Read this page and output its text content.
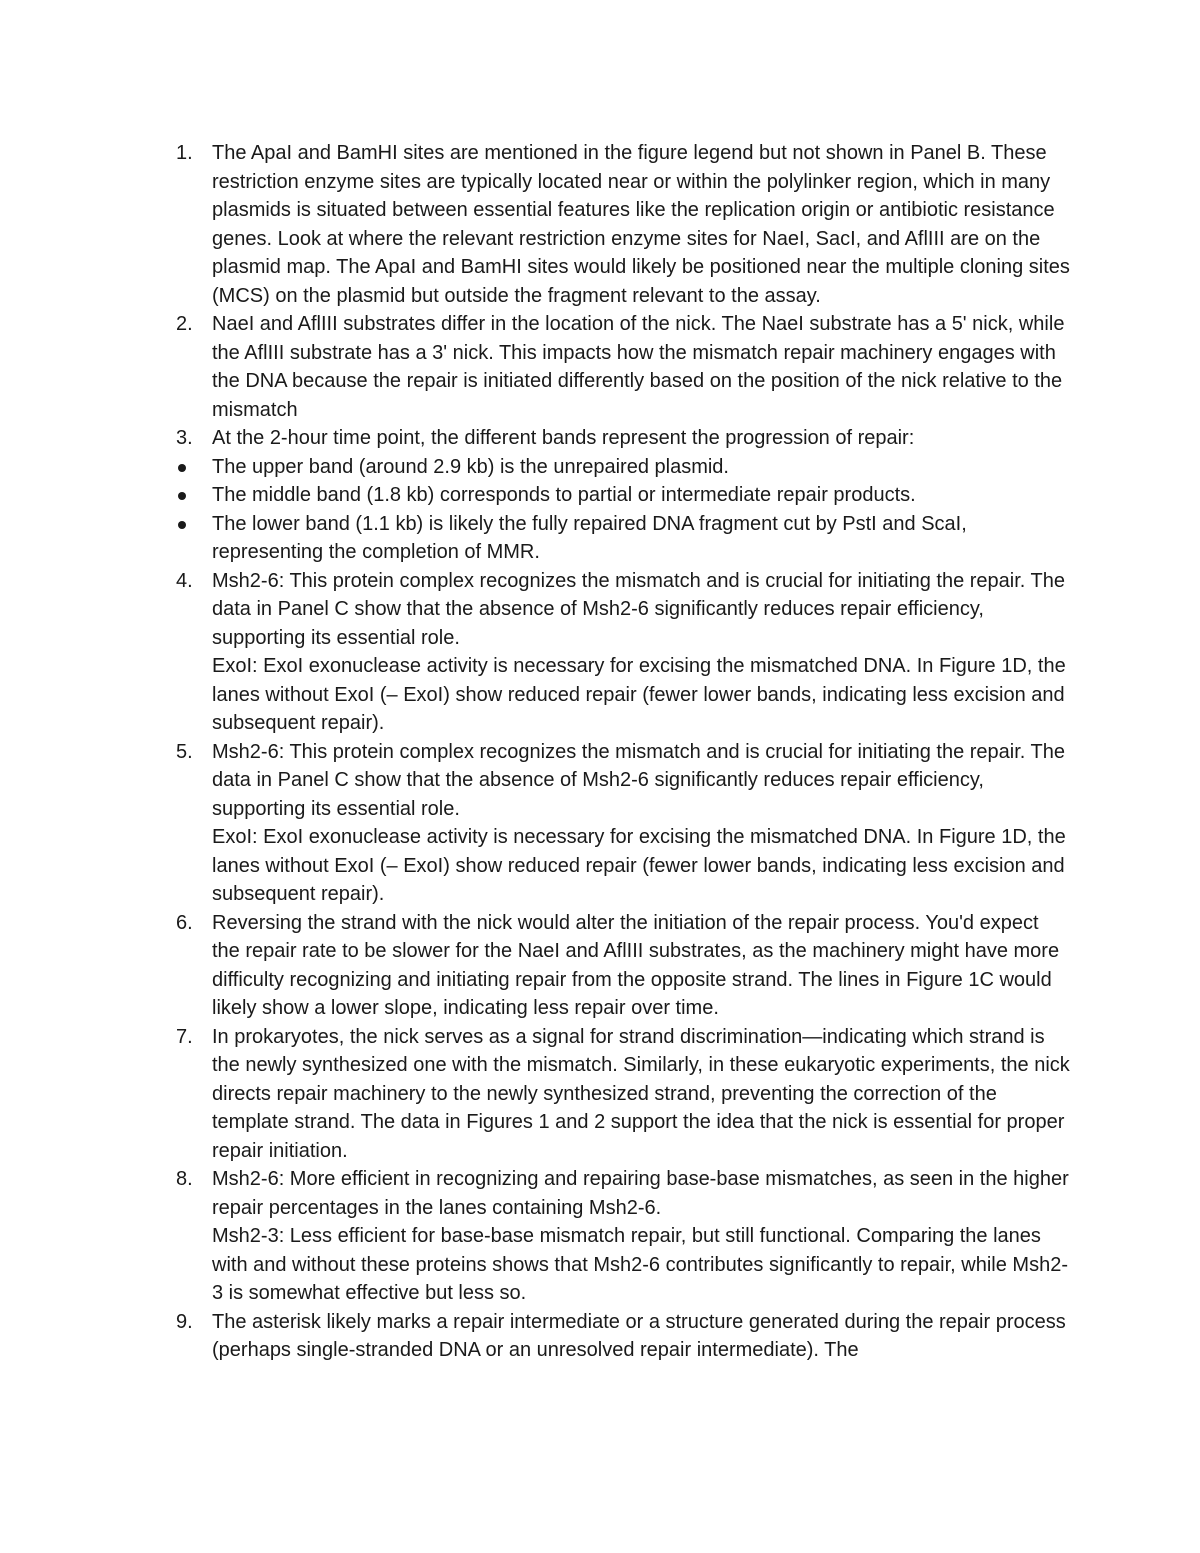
1. The ApaI and BamHI sites are mentioned in the figure legend but not shown in Panel B. These restriction enzyme sites are typically located near or within the polylinker region, which in many plasmids is situated between essential features like the replication origin or antibiotic resistance genes. Look at where the relevant restriction enzyme sites for NaeI, SacI, and AflIII are on the plasmid map. The ApaI and BamHI sites would likely be positioned near the multiple cloning sites (MCS) on the plasmid but outside the fragment relevant to the assay.
2. NaeI and AflIII substrates differ in the location of the nick. The NaeI substrate has a 5' nick, while the AflIII substrate has a 3' nick. This impacts how the mismatch repair machinery engages with the DNA because the repair is initiated differently based on the position of the nick relative to the mismatch
3. At the 2-hour time point, the different bands represent the progression of repair:
The upper band (around 2.9 kb) is the unrepaired plasmid.
The middle band (1.8 kb) corresponds to partial or intermediate repair products.
The lower band (1.1 kb) is likely the fully repaired DNA fragment cut by PstI and ScaI, representing the completion of MMR.
4. Msh2-6: This protein complex recognizes the mismatch and is crucial for initiating the repair. The data in Panel C show that the absence of Msh2-6 significantly reduces repair efficiency, supporting its essential role.
ExoI: ExoI exonuclease activity is necessary for excising the mismatched DNA. In Figure 1D, the lanes without ExoI (– ExoI) show reduced repair (fewer lower bands, indicating less excision and subsequent repair).
5. Msh2-6: This protein complex recognizes the mismatch and is crucial for initiating the repair. The data in Panel C show that the absence of Msh2-6 significantly reduces repair efficiency, supporting its essential role.
ExoI: ExoI exonuclease activity is necessary for excising the mismatched DNA. In Figure 1D, the lanes without ExoI (– ExoI) show reduced repair (fewer lower bands, indicating less excision and subsequent repair).
6. Reversing the strand with the nick would alter the initiation of the repair process. You'd expect the repair rate to be slower for the NaeI and AflIII substrates, as the machinery might have more difficulty recognizing and initiating repair from the opposite strand. The lines in Figure 1C would likely show a lower slope, indicating less repair over time.
7. In prokaryotes, the nick serves as a signal for strand discrimination—indicating which strand is the newly synthesized one with the mismatch. Similarly, in these eukaryotic experiments, the nick directs repair machinery to the newly synthesized strand, preventing the correction of the template strand. The data in Figures 1 and 2 support the idea that the nick is essential for proper repair initiation.
8. Msh2-6: More efficient in recognizing and repairing base-base mismatches, as seen in the higher repair percentages in the lanes containing Msh2-6.
Msh2-3: Less efficient for base-base mismatch repair, but still functional. Comparing the lanes with and without these proteins shows that Msh2-6 contributes significantly to repair, while Msh2-3 is somewhat effective but less so.
9. The asterisk likely marks a repair intermediate or a structure generated during the repair process (perhaps single-stranded DNA or an unresolved repair intermediate). The
